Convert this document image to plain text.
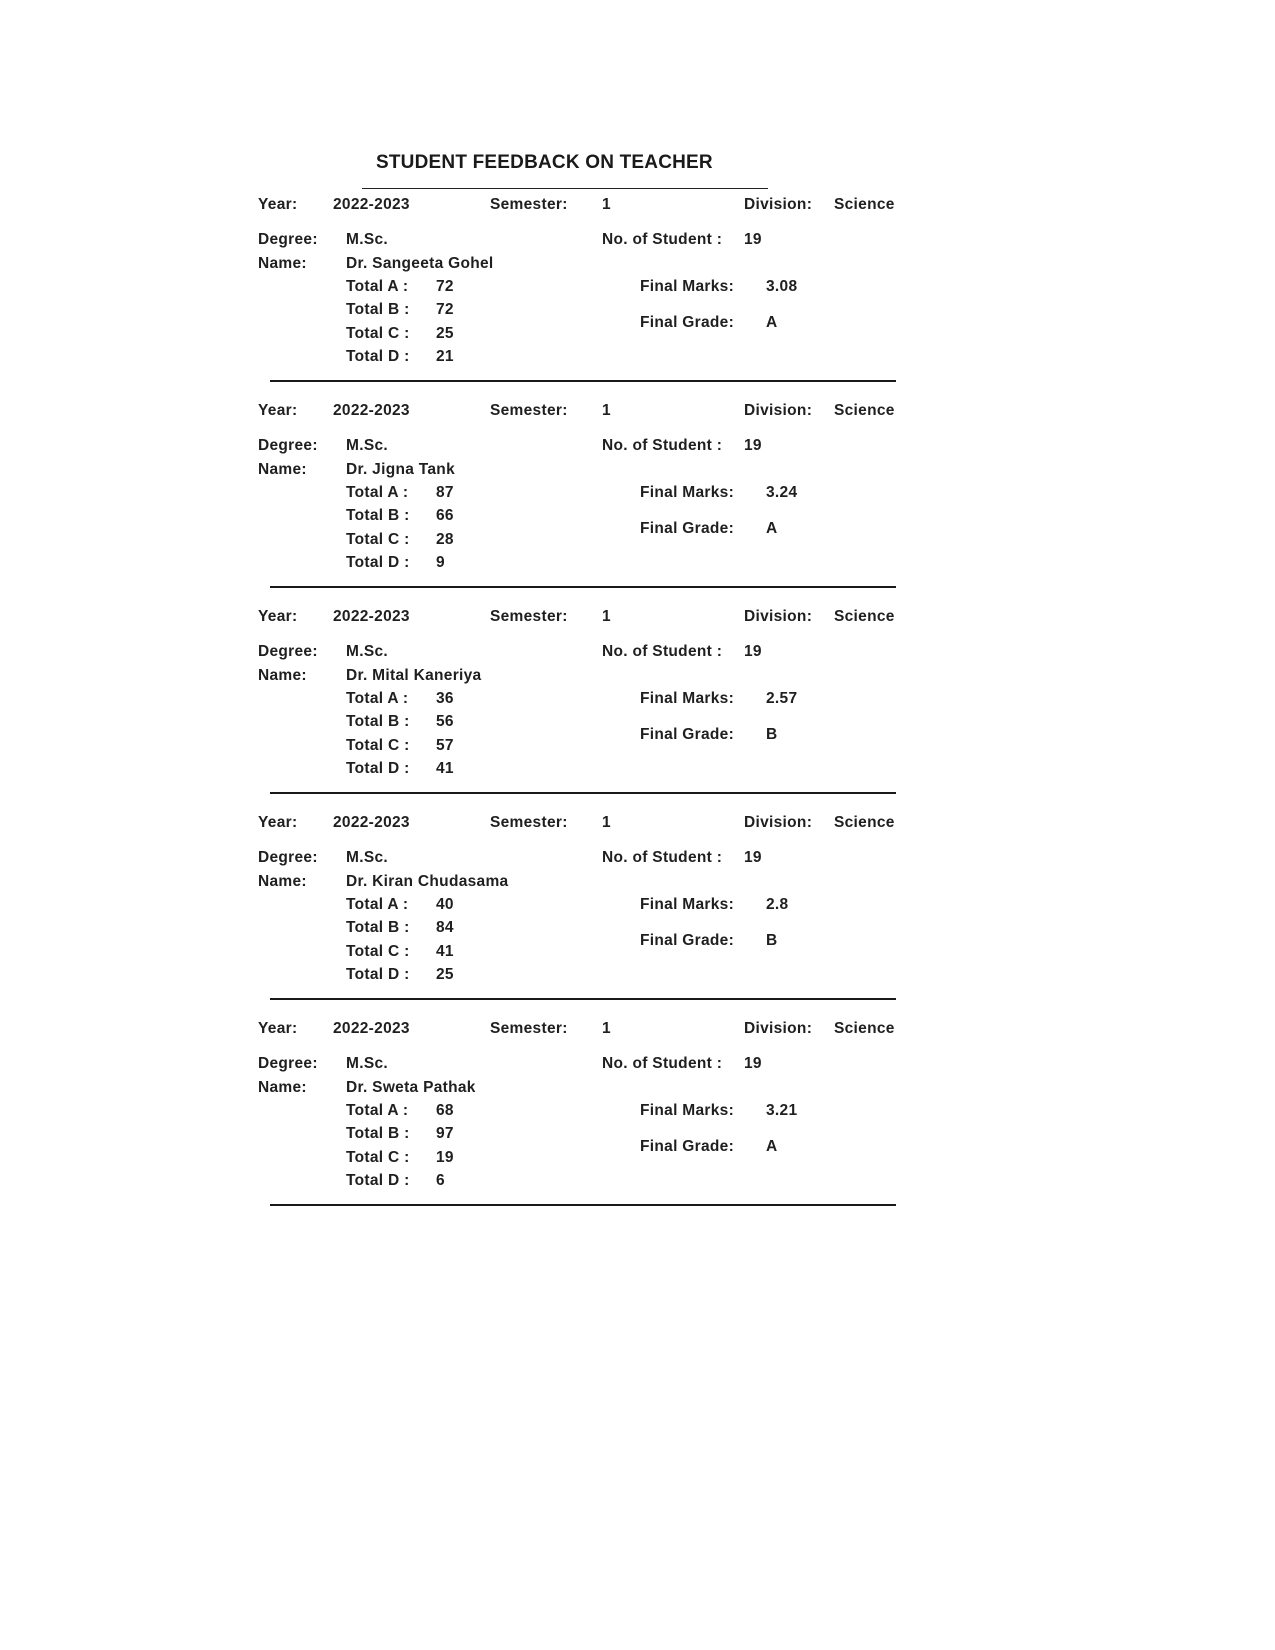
STUDENT FEEDBACK ON TEACHER
Year: 2022-2023	Semester: 1	Division: Science
Degree: M.Sc.	No. of Student : 19
Name:	Dr. Sangeeta Gohel
Total A : 72
Total B : 72
Total C : 25
Total D : 21
Final Marks: 3.08
Final Grade: A
Year: 2022-2023	Semester: 1	Division: Science
Degree: M.Sc.	No. of Student : 19
Name:	Dr. Jigna Tank
Total A : 87
Total B : 66
Total C : 28
Total D : 9
Final Marks: 3.24
Final Grade: A
Year: 2022-2023	Semester: 1	Division: Science
Degree: M.Sc.	No. of Student : 19
Name:	Dr. Mital Kaneriya
Total A : 36
Total B : 56
Total C : 57
Total D : 41
Final Marks: 2.57
Final Grade: B
Year: 2022-2023	Semester: 1	Division: Science
Degree: M.Sc.	No. of Student : 19
Name:	Dr. Kiran Chudasama
Total A : 40
Total B : 84
Total C : 41
Total D : 25
Final Marks: 2.8
Final Grade: B
Year: 2022-2023	Semester: 1	Division: Science
Degree: M.Sc.	No. of Student : 19
Name:	Dr. Sweta Pathak
Total A : 68
Total B : 97
Total C : 19
Total D : 6
Final Marks: 3.21
Final Grade: A
